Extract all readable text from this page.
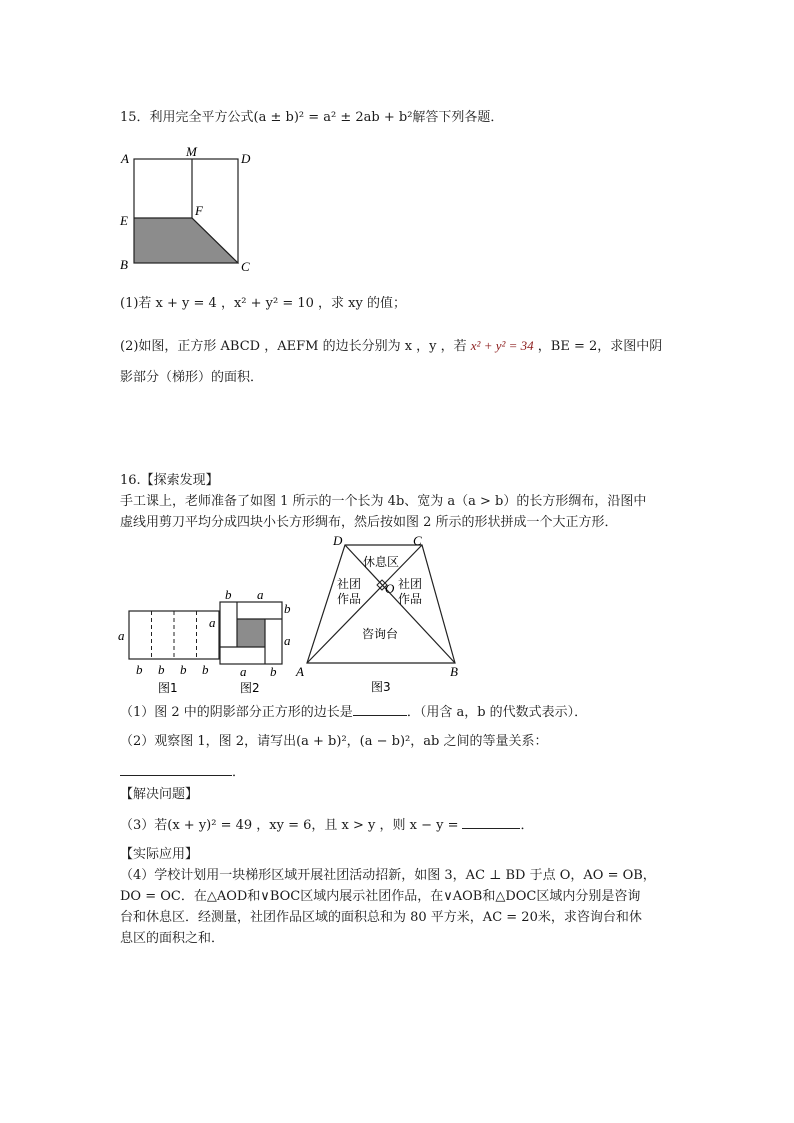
15．利用完全平方公式(a ± b)² = a² ± 2ab + b²解答下列各题．
A	M	D
E
F
B	C
(1)若 x + y = 4 ，x² + y² = 10 ，求 xy 的值；
(2)如图，正方形 ABCD ，AEFM 的边长分别为 x ，y ，若 x² + y² = 34 ，BE = 2，求图中阴
影部分（梯形）的面积．
16.【探索发现】
手工课上，老师准备了如图 1 所示的一个长为 4b、宽为 a（a > b）的长方形绸布，沿图中
虚线用剪刀平均分成四块小长方形绸布，然后按如图 2 所示的形状拼成一个大正方形．
a
b b b b
图1
b a
a
b
a
a b
图2
D	C
A	B
O
休息区
社团
作品
社团
作品
咨询台
图3
（1）图 2 中的阴影部分正方形的边长是	．（用含 a，b 的代数式表示）．
（2）观察图 1，图 2，请写出(a + b)²，(a − b)²，ab 之间的等量关系：
．
【解决问题】
（3）若(x + y)² = 49 ，xy = 6，且 x > y ，则 x − y =	．
【实际应用】
（4）学校计划用一块梯形区域开展社团活动招新，如图 3，AC ⊥ BD 于点 O，AO = OB，
DO = OC．在△AOD和∨BOC区域内展示社团作品，在∨AOB和△DOC区域内分别是咨询
台和休息区．经测量，社团作品区域的面积总和为 80 平方米，AC = 20米，求咨询台和休
息区的面积之和．
